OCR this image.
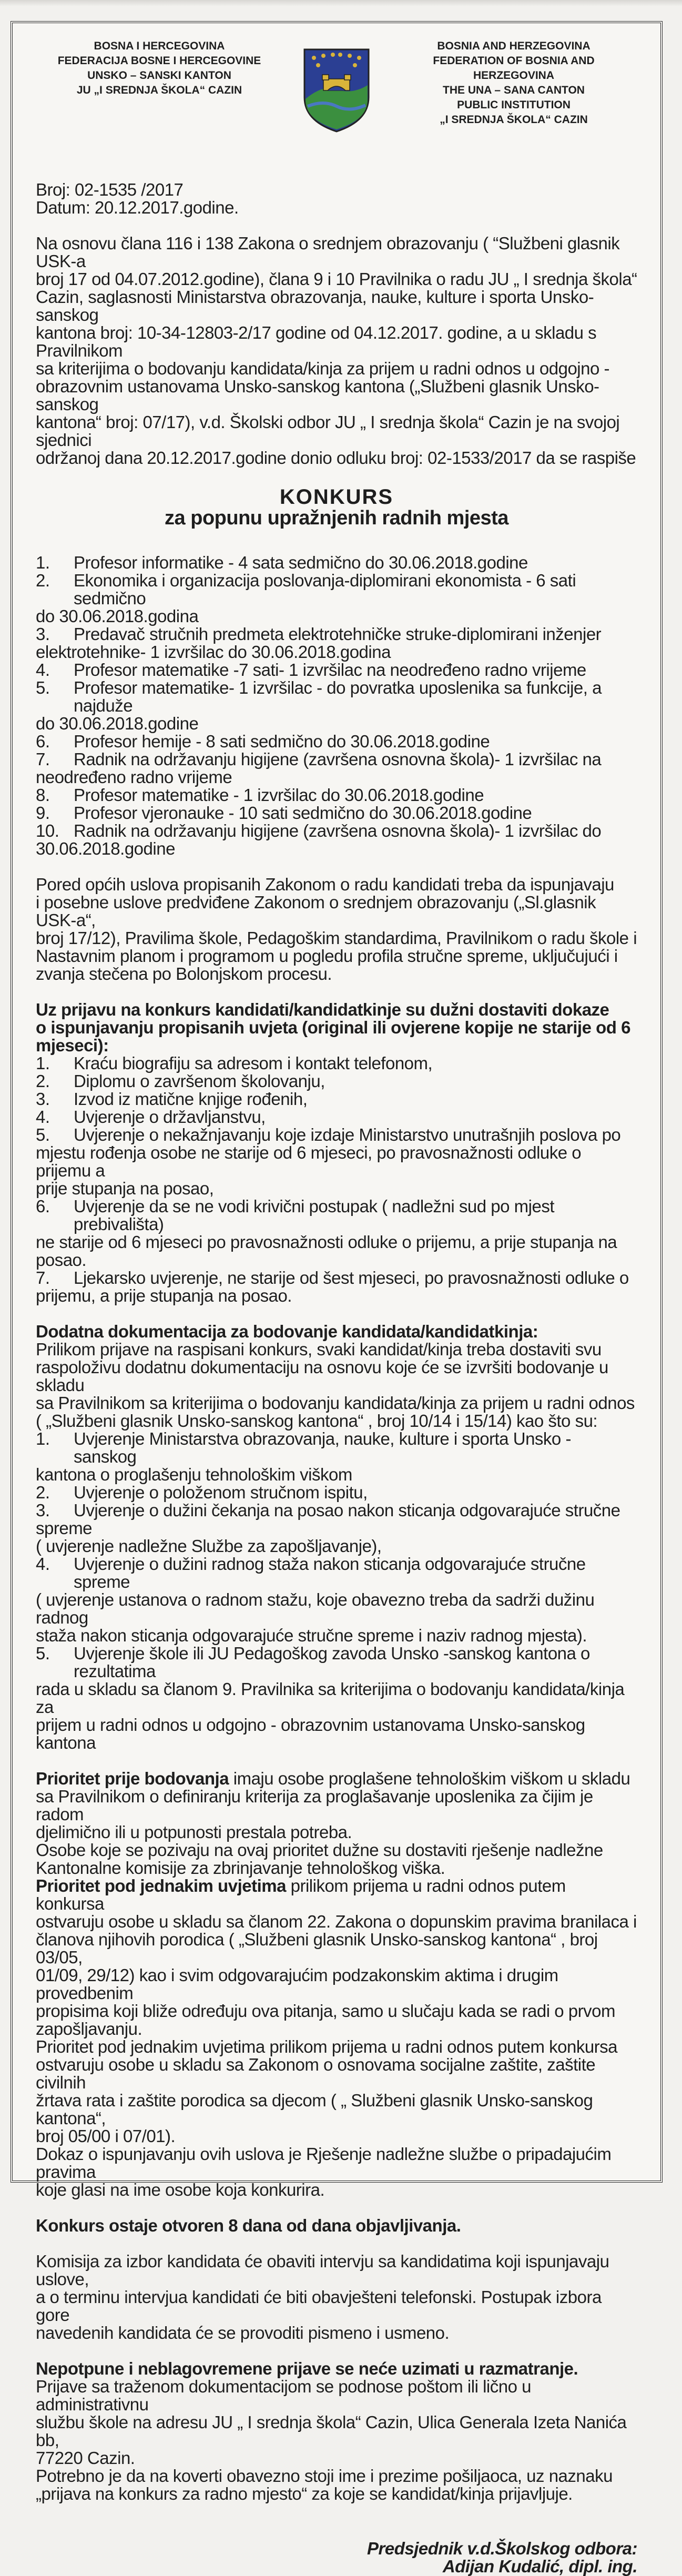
BOSNA I HERCEGOVINA
FEDERACIJA BOSNE I HERCEGOVINE
UNSKO – SANSKI KANTON
JU „I SREDNJA ŠKOLA“ CAZIN
BOSNIA AND HERZEGOVINA
FEDERATION OF BOSNIA AND
HERZEGOVINA
THE UNA – SANA CANTON
PUBLIC INSTITUTION
„I SREDNJA ŠKOLA“ CAZIN
Broj: 02-1535 /2017
Datum: 20.12.2017.godine.
Na osnovu člana 116 i 138 Zakona o srednjem obrazovanju ( “Službeni glasnik USK-a
broj 17 od 04.07.2012.godine), člana 9 i 10 Pravilnika o radu JU „ I srednja škola“
Cazin, saglasnosti Ministarstva obrazovanja, nauke, kulture i sporta Unsko-sanskog
kantona broj: 10-34-12803-2/17 godine od 04.12.2017. godine, a u skladu s Pravilnikom
sa kriterijima o bodovanju kandidata/kinja za prijem u radni odnos u odgojno -
obrazovnim ustanovama Unsko-sanskog kantona („Službeni glasnik Unsko-sanskog
kantona“ broj: 07/17), v.d. Školski odbor JU „ I srednja škola“ Cazin je na svojoj sjednici
održanoj dana 20.12.2017.godine donio odluku broj: 02-1533/2017 da se raspiše
KONKURS
za popunu upražnjenih radnih mjesta
1.	Profesor informatike - 4 sata sedmično do 30.06.2018.godine
2.	Ekonomika i organizacija poslovanja-diplomirani ekonomista - 6 sati sedmično
do 30.06.2018.godina
3.	Predavač stručnih predmeta elektrotehničke struke-diplomirani inženjer
elektrotehnike- 1 izvršilac do 30.06.2018.godina
4.	Profesor matematike -7 sati- 1 izvršilac na neodređeno radno vrijeme
5.	Profesor matematike- 1 izvršilac - do povratka uposlenika sa funkcije, a najduže
do 30.06.2018.godine
6.	Profesor hemije - 8 sati sedmično do 30.06.2018.godine
7.	Radnik na održavanju higijene (završena osnovna škola)- 1 izvršilac na
neodređeno radno vrijeme
8.	Profesor matematike - 1 izvršilac do 30.06.2018.godine
9.	Profesor vjeronauke - 10 sati sedmično do 30.06.2018.godine
10. Radnik na održavanju higijene (završena osnovna škola)- 1 izvršilac do
30.06.2018.godine
Pored općih uslova propisanih Zakonom o radu kandidati treba da ispunjavaju
i posebne uslove predviđene Zakonom o srednjem obrazovanju („Sl.glasnik USK-a“,
broj 17/12), Pravilima škole, Pedagoškim standardima, Pravilnikom o radu škole i
Nastavnim planom i programom u pogledu profila stručne spreme, uključujući i
zvanja stečena po Bolonjskom procesu.
Uz prijavu na konkurs kandidati/kandidatkinje su dužni dostaviti dokaze
o ispunjavanju propisanih uvjeta (original ili ovjerene kopije ne starije od 6
mjeseci):
1.	Kraću biografiju sa adresom i kontakt telefonom,
2.	Diplomu o završenom školovanju,
3.	Izvod iz matične knjige rođenih,
4.	Uvjerenje o državljanstvu,
5.	Uvjerenje o nekažnjavanju koje izdaje Ministarstvo unutrašnjih poslova po
mjestu rođenja osobe ne starije od 6 mjeseci, po pravosnažnosti odluke o prijemu a
prije stupanja na posao,
6.	Uvjerenje da se ne vodi krivični postupak ( nadležni sud po mjest prebivališta)
ne starije od 6 mjeseci po pravosnažnosti odluke o prijemu, a prije stupanja na posao.
7.	Ljekarsko uvjerenje, ne starije od šest mjeseci, po pravosnažnosti odluke o
prijemu, a prije stupanja na posao.
Dodatna dokumentacija za bodovanje kandidata/kandidatkinja:
Prilikom prijave na raspisani konkurs, svaki kandidat/kinja treba dostaviti svu
raspoloživu dodatnu dokumentaciju na osnovu koje će se izvršiti bodovanje u skladu
sa Pravilnikom sa kriterijima o bodovanju kandidata/kinja za prijem u radni odnos
( „Službeni glasnik Unsko-sanskog kantona“ , broj 10/14 i 15/14) kao što su:
1.	Uvjerenje Ministarstva obrazovanja, nauke, kulture i sporta Unsko - sanskog
kantona o proglašenju tehnološkim viškom
2.	Uvjerenje o položenom stručnom ispitu,
3.	Uvjerenje o dužini čekanja na posao nakon sticanja odgovarajuće stručne
spreme
( uvjerenje nadležne Službe za zapošljavanje),
4.	Uvjerenje o dužini radnog staža nakon sticanja odgovarajuće stručne spreme
( uvjerenje ustanova o radnom stažu, koje obavezno treba da sadrži dužinu radnog
staža nakon sticanja odgovarajuće stručne spreme i naziv radnog mjesta).
5.	Uvjerenje škole ili JU Pedagoškog zavoda Unsko -sanskog kantona o rezultatima
rada u skladu sa članom 9. Pravilnika sa kriterijima o bodovanju kandidata/kinja za
prijem u radni odnos u odgojno - obrazovnim ustanovama Unsko-sanskog kantona
Prioritet prije bodovanja imaju osobe proglašene tehnološkim viškom u skladu
sa Pravilnikom o definiranju kriterija za proglašavanje uposlenika za čijim je radom
djelimično ili u potpunosti prestala potreba.
Osobe koje se pozivaju na ovaj prioritet dužne su dostaviti rješenje nadležne
Kantonalne komisije za zbrinjavanje tehnološkog viška.
Prioritet pod jednakim uvjetima prilikom prijema u radni odnos putem konkursa
ostvaruju osobe u skladu sa članom 22. Zakona o dopunskim pravima branilaca i
članova njihovih porodica ( „Službeni glasnik Unsko-sanskog kantona“ , broj 03/05,
01/09, 29/12) kao i svim odgovarajućim podzakonskim aktima i drugim provedbenim
propisima koji bliže određuju ova pitanja, samo u slučaju kada se radi o prvom
zapošljavanju.
Prioritet pod jednakim uvjetima prilikom prijema u radni odnos putem konkursa
ostvaruju osobe u skladu sa Zakonom o osnovama socijalne zaštite, zaštite civilnih
žrtava rata i zaštite porodica sa djecom ( „ Službeni glasnik Unsko-sanskog kantona“,
broj 05/00 i 07/01).
Dokaz o ispunjavanju ovih uslova je Rješenje nadležne službe o pripadajućim pravima
koje glasi na ime osobe koja konkurira.
Konkurs ostaje otvoren 8 dana od dana objavljivanja.
Komisija za izbor kandidata će obaviti intervju sa kandidatima koji ispunjavaju uslove,
a o terminu intervjua kandidati će biti obavješteni telefonski. Postupak izbora gore
navedenih kandidata će se provoditi pismeno i usmeno.
Nepotpune i neblagovremene prijave se neće uzimati u razmatranje.
Prijave sa traženom dokumentacijom se podnose poštom ili lično u administrativnu
službu škole na adresu JU „ I srednja škola“ Cazin, Ulica Generala Izeta Nanića bb,
77220 Cazin.
Potrebno je da na koverti obavezno stoji ime i prezime pošiljaoca, uz naznaku
„prijava na konkurs za radno mjesto“ za koje se kandidat/kinja prijavljuje.
Predsjednik v.d.Školskog odbora:
Adijan Kudalić, dipl. ing.
